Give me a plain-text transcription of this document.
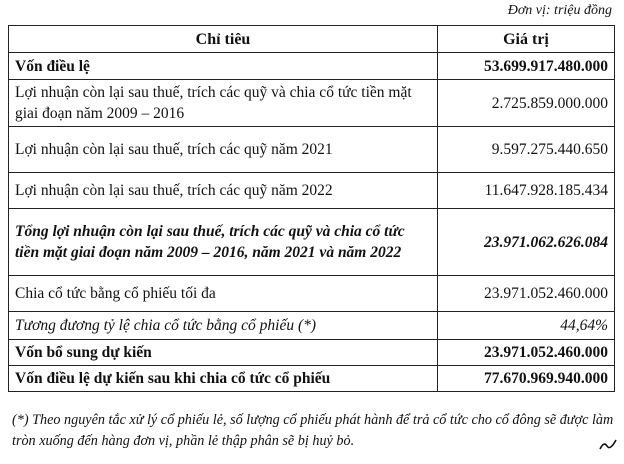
Đơn vị: triệu đồng
Chỉ tiêu	Giá trị
Vốn điều lệ	53.699.917.480.000
Lợi nhuận còn lại sau thuế, trích các quỹ và chia cổ tức tiền mặt giai đoạn năm 2009 – 2016	2.725.859.000.000
Lợi nhuận còn lại sau thuế, trích các quỹ năm 2021	9.597.275.440.650
Lợi nhuận còn lại sau thuế, trích các quỹ năm 2022	11.647.928.185.434
Tổng lợi nhuận còn lại sau thuế, trích các quỹ và chia cổ tức tiền mặt giai đoạn năm 2009 – 2016, năm 2021 và năm 2022	23.971.062.626.084
Chia cổ tức bằng cổ phiếu tối đa	23.971.052.460.000
Tương đương tỷ lệ chia cổ tức bằng cổ phiếu (*)	44,64%
Vốn bổ sung dự kiến	23.971.052.460.000
Vốn điều lệ dự kiến sau khi chia cổ tức cổ phiếu	77.670.969.940.000
(*) Theo nguyên tắc xử lý cổ phiếu lẻ, số lượng cổ phiếu phát hành để trả cổ tức cho cổ đông sẽ được làm tròn xuống đến hàng đơn vị, phần lẻ thập phân sẽ bị huỷ bỏ.
